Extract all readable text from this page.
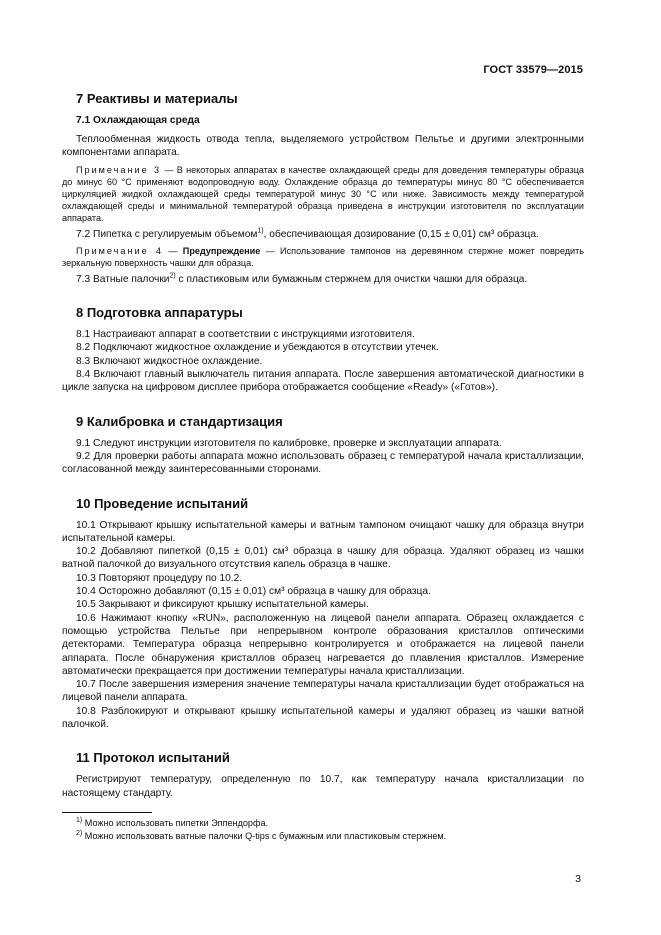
ГОСТ 33579—2015
7 Реактивы и материалы
7.1 Охлаждающая среда

Теплообменная жидкость отвода тепла, выделяемого устройством Пельтье и другими электронными компонентами аппарата.

Примечание 3 — В некоторых аппаратах в качестве охлаждающей среды для доведения температуры образца до минус 60 °С применяют водопроводную воду. Охлаждение образца до температуры минус 80 °С обеспечивается циркуляцией жидкой охлаждающей среды температурой минус 30 °С или ниже. Зависимость между температурой охлаждающей среды и минимальной температурой образца приведена в инструкции изготовителя по эксплуатации аппарата.

7.2 Пипетка с регулируемым объемом$^{1)}$, обеспечивающая дозирование (0,15 ± 0,01) см³ образца.

Примечание 4 — Предупреждение — Использование тампонов на деревянном стержне может повредить зеркальную поверхность чашки для образца.

7.3 Ватные палочки$^{2)}$ с пластиковым или бумажным стержнем для очистки чашки для образца.

8 Подготовка аппаратуры

8.1 Настраивают аппарат в соответствии с инструкциями изготовителя.

8.2 Подключают жидкостное охлаждение и убеждаются в отсутствии утечек.

8.3 Включают жидкостное охлаждение.

8.4 Включают главный выключатель питания аппарата. После завершения автоматической диагностики в цикле запуска на цифровом дисплее прибора отображается сообщение «Ready» («Готов»).

9 Калибровка и стандартизация

9.1 Следуют инструкции изготовителя по калибровке, проверке и эксплуатации аппарата.

9.2 Для проверки работы аппарата можно использовать образец с температурой начала кристаллизации, согласованной между заинтересованными сторонами.

10 Проведение испытаний

10.1 Открывают крышку испытательной камеры и ватным тампоном очищают чашку для образца внутри испытательной камеры.

10.2 Добавляют пипеткой (0,15 ± 0,01) см³ образца в чашку для образца. Удаляют образец из чашки ватной палочкой до визуального отсутствия капель образца в чашке.

10.3 Повторяют процедуру по 10.2.

10.4 Осторожно добавляют (0,15 ± 0,01) см³ образца в чашку для образца.

10.5 Закрывают и фиксируют крышку испытательной камеры.

10.6 Нажимают кнопку «RUN», расположенную на лицевой панели аппарата. Образец охлаждается с помощью устройства Пельтье при непрерывном контроле образования кристаллов оптическими детекторами. Температура образца непрерывно контролируется и отображается на лицевой панели аппарата. После обнаружения кристаллов образец нагревается до плавления кристаллов. Измерение автоматически прекращается при достижении температуры начала кристаллизации.

10.7 После завершения измерения значение температуры начала кристаллизации будет отображаться на лицевой панели аппарата.

10.8 Разблокируют и открывают крышку испытательной камеры и удаляют образец из чашки ватной палочкой.

11 Протокол испытаний

Регистрируют температуру, определенную по 10.7, как температуру начала кристаллизации по настоящему стандарту.

$^{1)}$ Можно использовать пипетки Эппендорфа.
$^{2)}$ Можно использовать ватные палочки Q-tips с бумажным или пластиковым стержнем.
3
